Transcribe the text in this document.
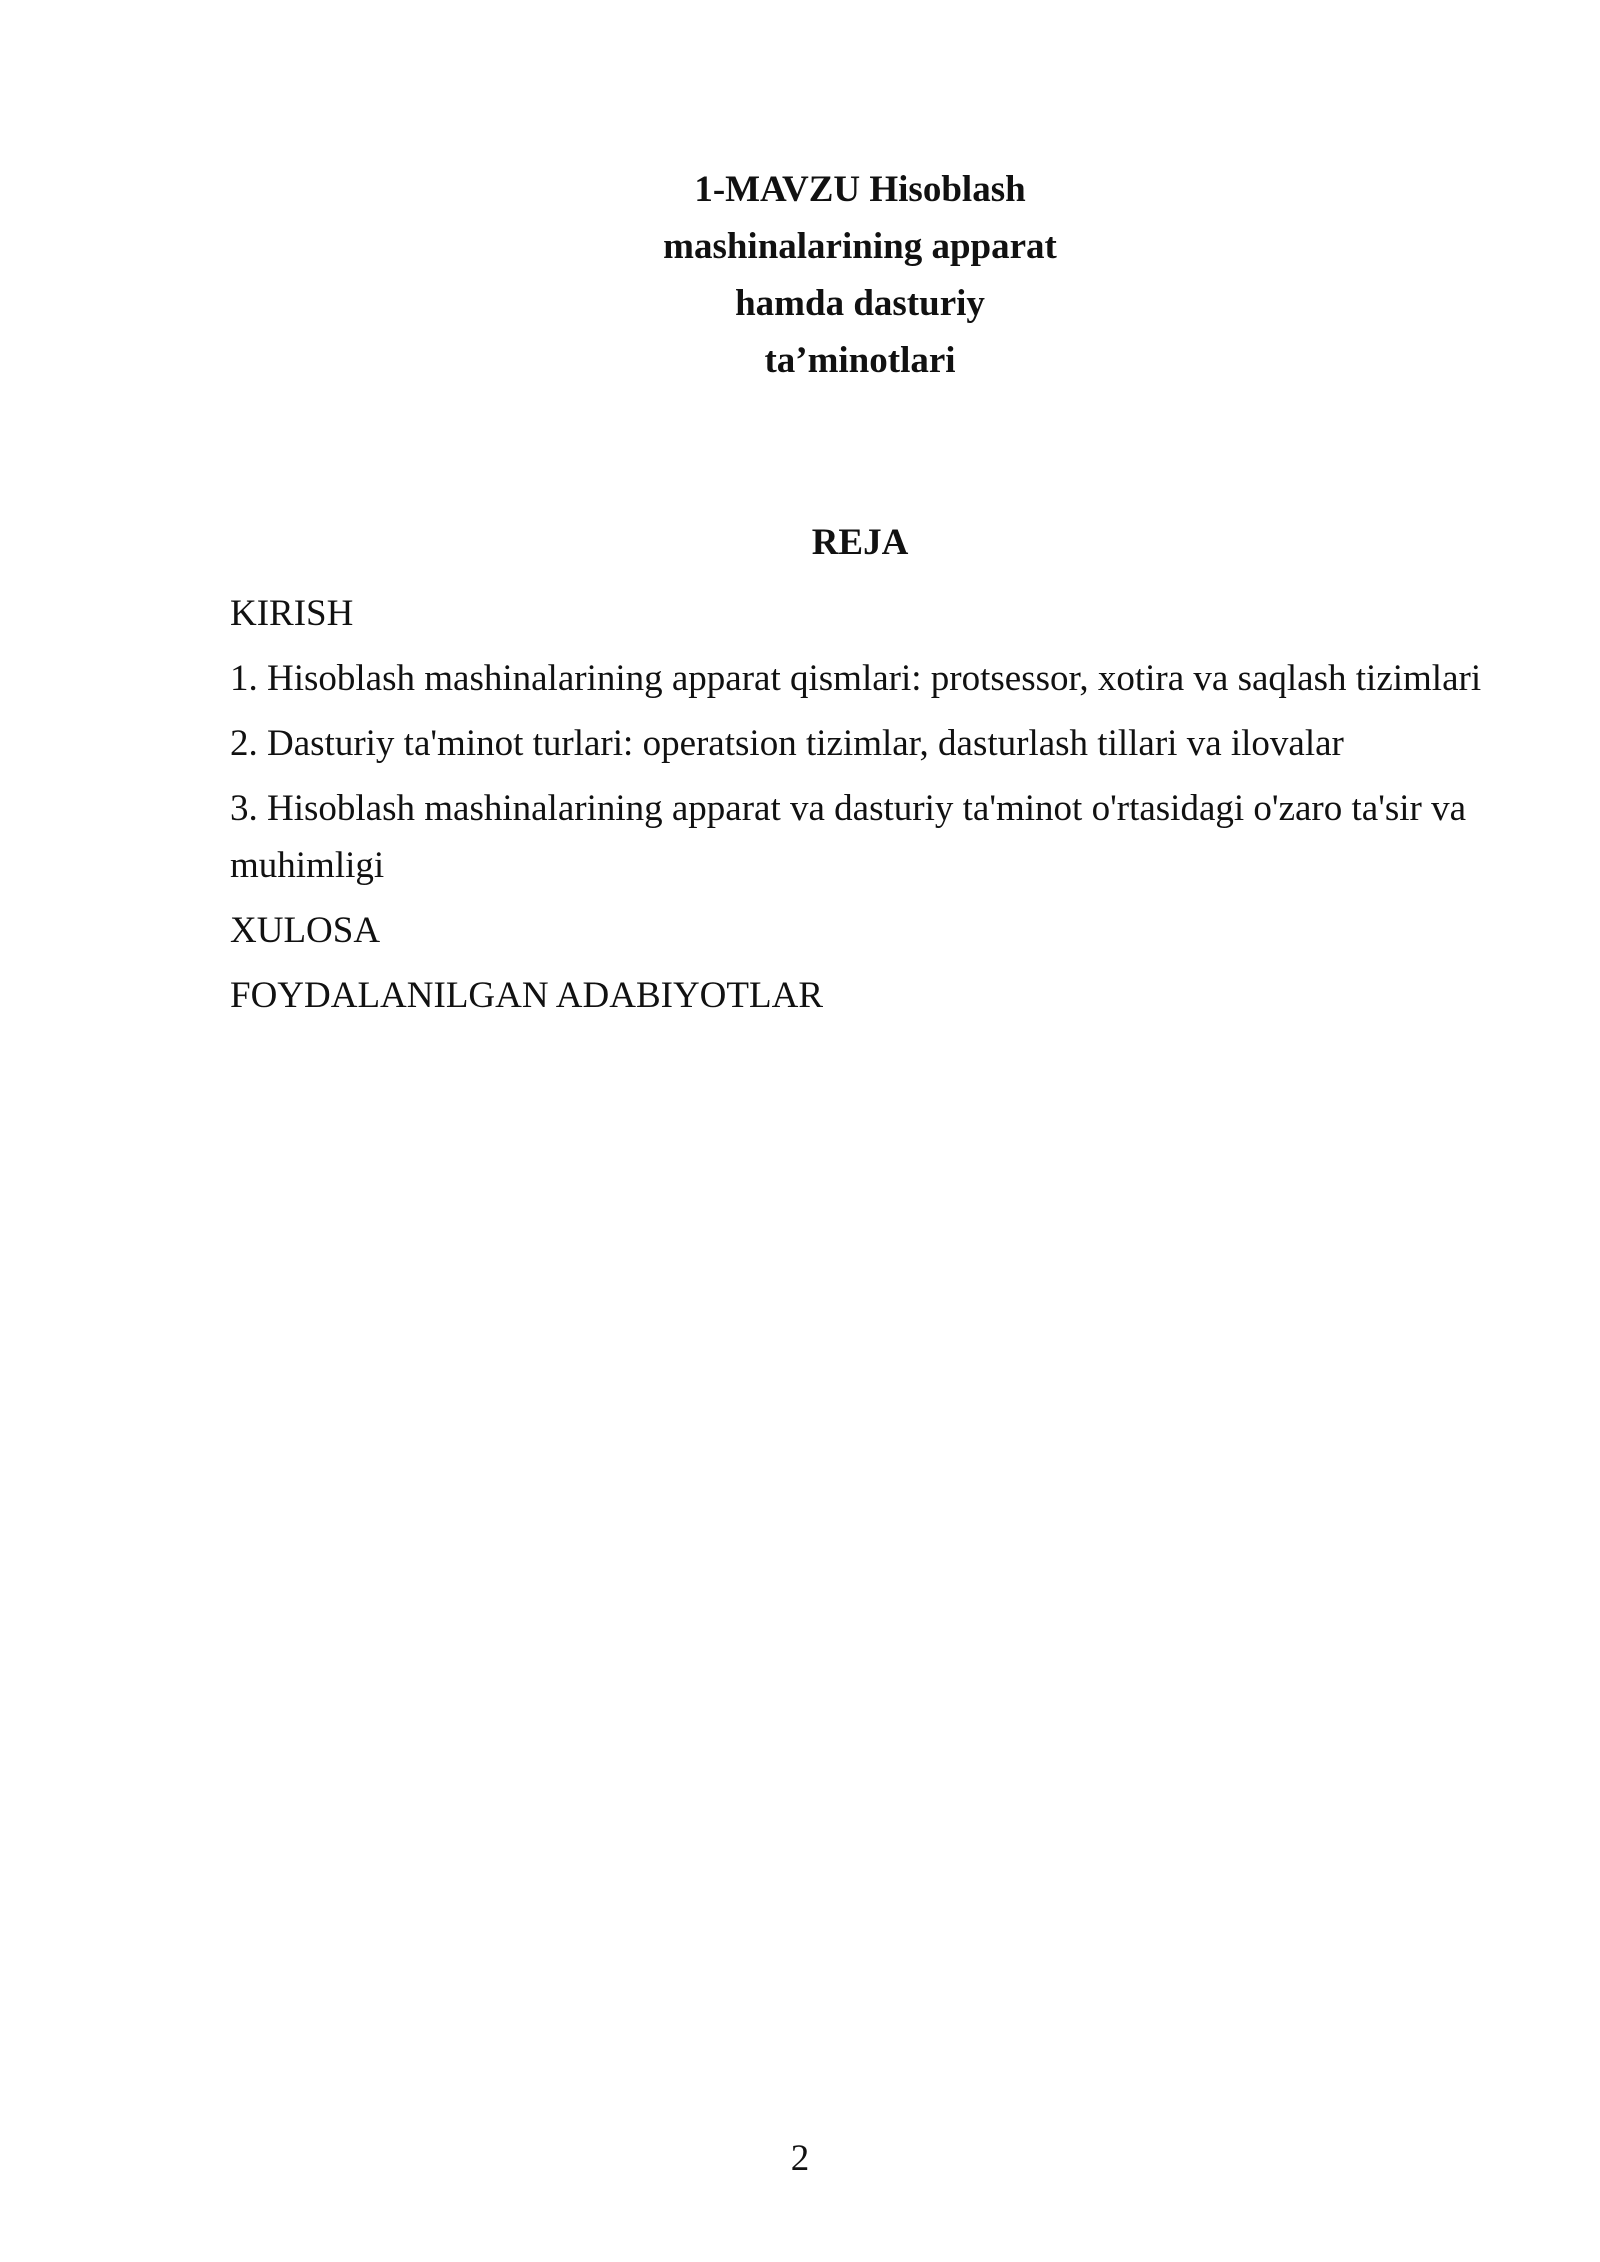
1-MAVZU Hisoblash
mashinalarining apparat
hamda dasturiy
ta’minotlari
REJA
KIRISH
1. Hisoblash mashinalarining apparat qismlari: protsessor, xotira va saqlash tizimlari
2. Dasturiy ta'minot turlari: operatsion tizimlar, dasturlash tillari va ilovalar
3. Hisoblash mashinalarining apparat va dasturiy ta'minot o'rtasidagi o'zaro ta'sir va muhimligi
XULOSA
FOYDALANILGAN ADABIYOTLAR
2
